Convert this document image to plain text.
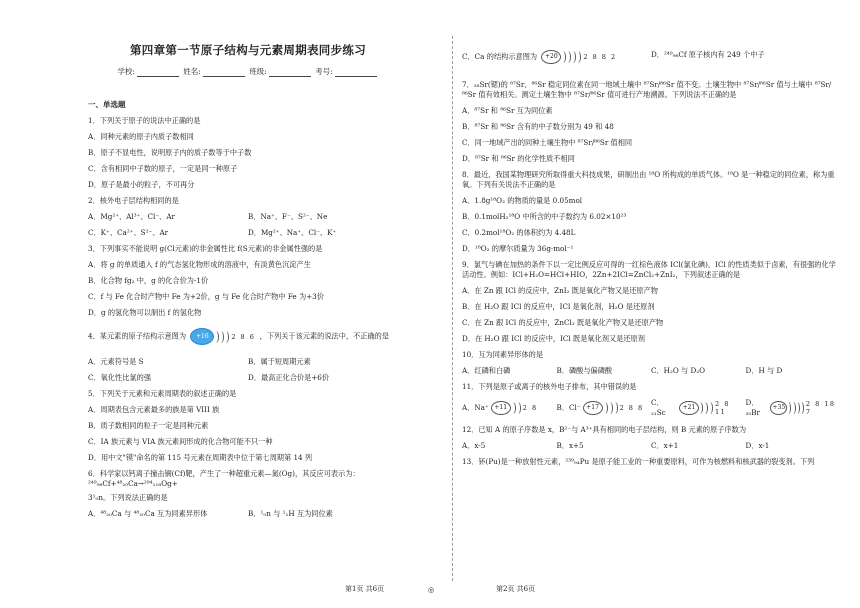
第四章第一节原子结构与元素周期表同步练习
学校:	姓名:	班级:	考号:
一、单选题
1．下列关于原子的说法中正确的是
A．同种元素的原子内质子数相同
B．原子不显电性，说明原子内的质子数等于中子数
C．含有相同中子数的原子，一定是同一种原子
D．原子是最小的粒子，不可再分
2．核外电子层结构相同的是
A．Mg²⁺、Al³⁺、Cl⁻、Ar	B．Na⁺、F⁻、S²⁻、Ne
C．K⁺、Ca²⁺、S²⁻、Ar	D．Mg²⁺、Na⁺、Cl⁻、K⁺
3．下列事实不能说明 g(Cl元素)的非金属性比 f(S元素)的非金属性强的是
A．将 g 的单质通入 f 的气态氢化物形成的溶液中，有淡黄色沉淀产生
B．化合物 fg₂ 中，g 的化合价为-1价
C．f 与 Fe 化合时产物中 Fe 为+2价，g 与 Fe 化合时产物中 Fe 为+3价
D．g 的氢化物可以制出 f 的氢化物
4．某元素的原子结构示意图为	+16	2 8 6 ，下列关于该元素的说法中，不正确的是
A．元素符号是 S	B．属于短周期元素
C．氧化性比氯的强	D．最高正化合价是+6价
5．下列关于元素和元素周期表的叙述正确的是
A．周期表包含元素最多的族是第 VIII 族
B．质子数相同的粒子一定是同种元素
C．IA 族元素与 VIA 族元素间形成的化合物可能不只一种
D．用中文"镆"命名的第 115 号元素在周期表中位于第七周期第 14 列
6．科学家以钙离子撞击锎(Cf)靶，产生了一种超重元素—氮(Og)，其反应可表示为：²⁴⁹₉₈Cf+⁴⁸₂₀Ca→²⁹⁴₁₁₈Og+
3¹₀n。下列说法正确的是
A．⁴⁸₂₀Ca 与 ⁴⁸₂₀Ca 互为同素异形体	B．¹₀n 与 ¹₁H 互为同位素
C．Ca 的结构示意图为	+20	2 8 8 2	D．²⁴⁹₉₈Cf 原子核内有 249 个中子
7．₃₈Sr(锶)的 ⁸⁷Sr、⁸⁶Sr 稳定同位素在同一地域土壤中 ⁸⁷Sr/⁸⁶Sr 值不变。土壤生物中 ⁸⁷Sr/⁸⁶Sr 值与土壤中 ⁸⁷Sr/⁸⁶Sr 值有效相关。测定土壤生物中 ⁸⁷Sr/⁸⁶Sr 值可进行产地溯源。下列说法不正确的是
A．⁸⁷Sr 和 ⁸⁶Sr 互为同位素
B．⁸⁷Sr 和 ⁸⁶Sr 含有的中子数分别为 49 和 48
C．同一地域产出的同种土壤生物中 ⁸⁷Sr/⁸⁶Sr 值相同
D．⁸⁷Sr 和 ⁸⁶Sr 的化学性质不相同
8．最近，我国某物理研究所取得重大科技成果，研制出由 ¹⁸O 所构成的单质气体。¹⁸O 是一种稳定的同位素，称为重氧。下列有关说法不正确的是
A．1.8g¹⁸O₂ 的物质的量是 0.05mol
B．0.1molH₂¹⁸O 中所含的中子数约为 6.02×10²³
C．0.2mol¹⁸O₂ 的体积约为 4.48L
D．¹⁸O₂ 的摩尔质量为 36g·mol⁻¹
9．氯气与碘在加热的条件下以一定比例反应可得的一红棕色液体 ICl(氯化碘)，ICl 的性质类似于卤素，有很强的化学活动性。例如：ICl+H₂O=HCl+HIO，2Zn+2ICl=ZnCl₂+ZnI₂，下列叙述正确的是
A．在 Zn 跟 ICl 的反应中，ZnI₂ 既是氧化产物又是还原产物
B．在 H₂O 跟 ICl 的反应中，ICl 是氧化剂，H₂O 是还原剂
C．在 Zn 跟 ICl 的反应中，ZnCl₂ 既是氧化产物又是还原产物
D．在 H₂O 跟 ICl 的反应中，ICl 既是氧化剂又是还原剂
10．互为同素异形体的是
A．红磷和白磷	B．磷酸与偏磷酸	C．H₂O 与 D₂O	D．H 与 D
11．下列是原子或离子的核外电子排布，其中错误的是
A．Na⁺ +11	2 8	B．Cl⁻ +17	2 8 8
C．₂₁Sc
+21	2 8 11
D．₃₅Br
+35	2 8 18 7
12．已知 A 的原子序数是 x，B²⁻与 A³⁺具有相同的电子层结构，则 B 元素的原子序数为
A．x-5	B．x+5	C．x+1	D．x-1
13．钚(Pu)是一种放射性元素，²³⁹₉₄Pu 是原子能工业的一种重要原料，可作为核燃料和核武器的裂变剂。下列
第1页 共6页	◎	第2页 共6页
